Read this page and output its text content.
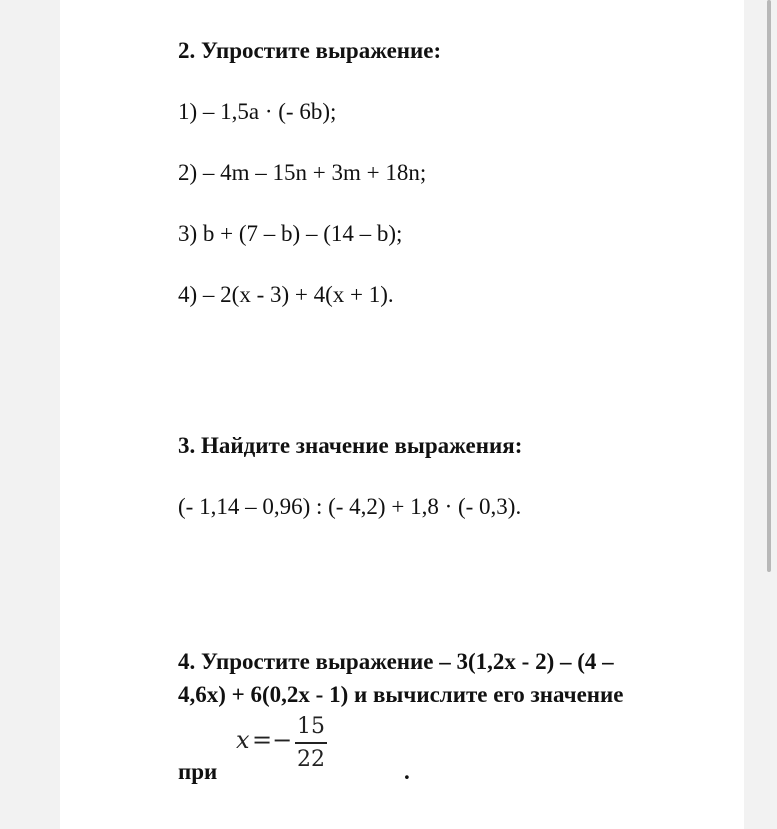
2. Упростите выражение:
1) – 1,5a · (- 6b);
2) – 4m – 15n + 3m + 18n;
3) b + (7 – b) – (14 – b);
4) – 2(x - 3) + 4(x + 1).
3. Найдите значение выражения:
(- 1,14 – 0,96) : (- 4,2) + 1,8 · (- 0,3).
4. Упростите выражение – 3(1,2x - 2) – (4 –
4,6x) + 6(0,2x - 1) и вычислите его значение
при
x =− 15
22	.
